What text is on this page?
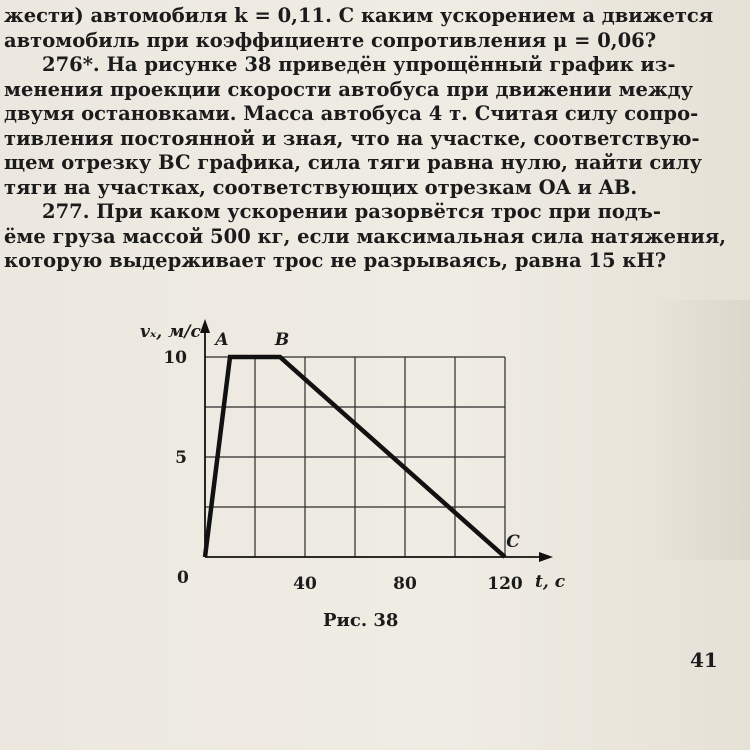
жести) автомобиля k = 0,11. С каким ускорением a движется
автомобиль при коэффициенте сопротивления μ = 0,06?
276*. На рисунке 38 приведён упрощённый график из-
менения проекции скорости автобуса при движении между
двумя остановками. Масса автобуса 4 т. Считая силу сопро-
тивления постоянной и зная, что на участке, соответствую-
щем отрезку BC графика, сила тяги равна нулю, найти силу
тяги на участках, соответствующих отрезкам OA и AB.
277. При каком ускорении разорвётся трос при подъ-
ёме груза массой 500 кг, если максимальная сила натяжения,
которую выдерживает трос не разрываясь, равна 15 кН?
vₓ, м/с
t, с
0	40	80	120
5
10
A	B
C
Рис. 38
41
